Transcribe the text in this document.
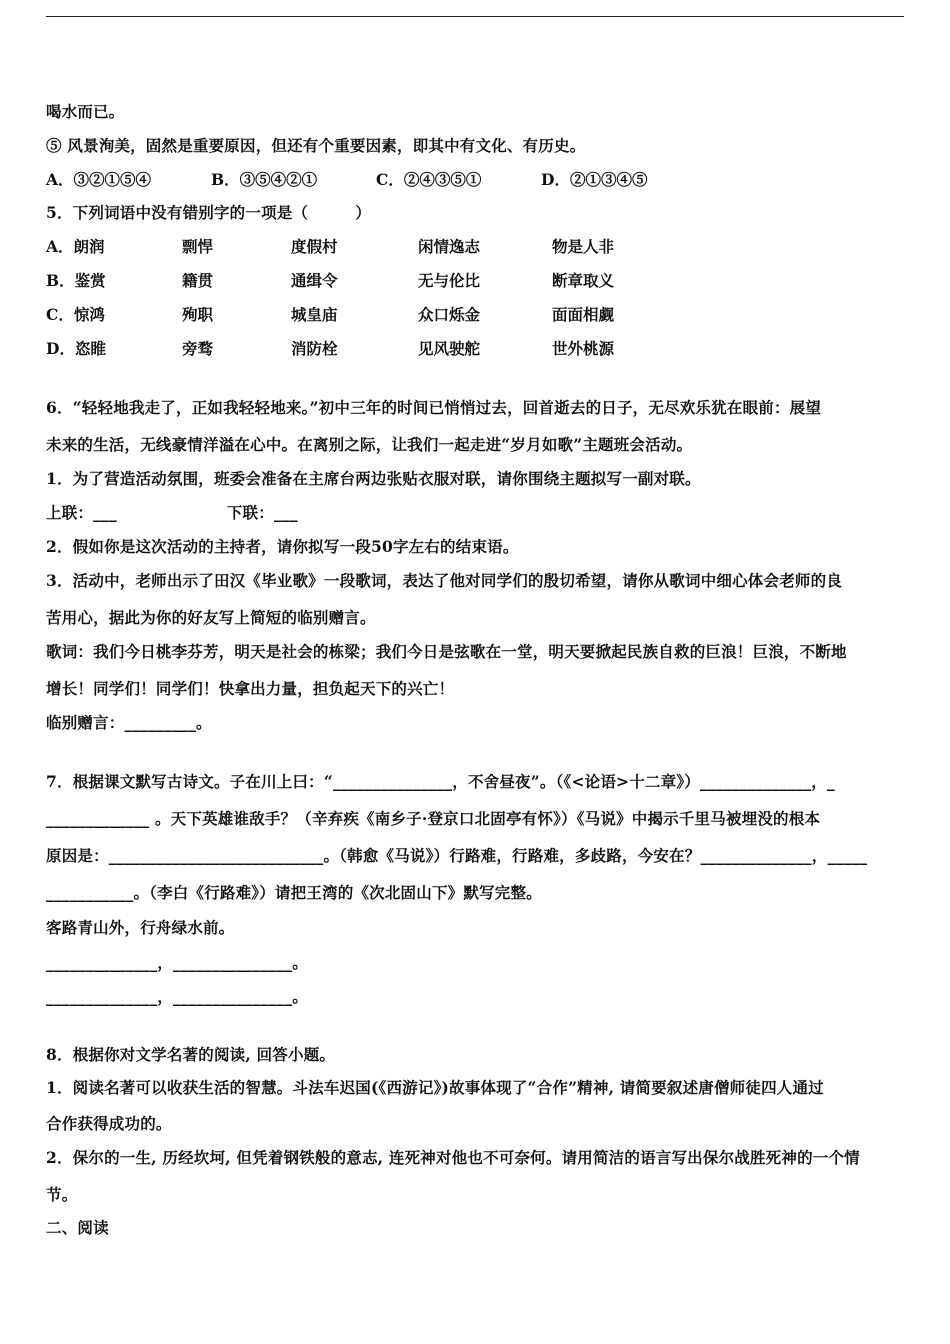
喝水而已。
⑤ 风景洵美，固然是重要原因，但还有个重要因素，即其中有文化、有历史。
A．③②①⑤④	B．③⑤④②①	C．②④③⑤①	D．②①③④⑤
5．下列词语中没有错别字的一项是（　　　）
A．朗润	剽悍	度假村	闲情逸志	物是人非
B．鉴赏	籍贯	通缉令	无与伦比	断章取义
C．惊鸿	殉职	城皇庙	众口烁金	面面相觑
D．恣睢	旁骛	消防栓	见风驶舵	世外桃源
6．“轻轻地我走了，正如我轻轻地来。”初中三年的时间已悄悄过去，回首逝去的日子，无尽欢乐犹在眼前：展望
未来的生活，无线豪情洋溢在心中。在离别之际，让我们一起走进“岁月如歌”主题班会活动。
1．为了营造活动氛围，班委会准备在主席台两边张贴衣服对联，请你围绕主题拟写一副对联。
上联：___　　　　　　　下联：___
2．假如你是这次活动的主持者，请你拟写一段50字左右的结束语。
3．活动中，老师出示了田汉《毕业歌》一段歌词，表达了他对同学们的殷切希望，请你从歌词中细心体会老师的良
苦用心，据此为你的好友写上简短的临别赠言。
歌词：我们今日桃李芬芳，明天是社会的栋梁；我们今日是弦歌在一堂，明天要掀起民族自救的巨浪！巨浪，不断地
增长！同学们！同学们！快拿出力量，担负起天下的兴亡！
临别赠言：_________。
7．根据课文默写古诗文。子在川上曰：“_______________，不舍昼夜”。（《<论语>十二章》）______________，_
_____________ 。天下英雄谁敌手？（辛弃疾《南乡子·登京口北固亭有怀》）《马说》中揭示千里马被埋没的根本
原因是：___________________________。（韩愈《马说》）行路难，行路难，多歧路，今安在？______________，_____
___________。（李白《行路难》）请把王湾的《次北固山下》默写完整。
客路青山外，行舟绿水前。
______________，_______________。
______________，_______________。
8．根据你对文学名著的阅读, 回答小题。
1．阅读名著可以收获生活的智慧。斗法车迟国(《西游记》)故事体现了“合作”精神, 请简要叙述唐僧师徒四人通过
合作获得成功的。
2．保尔的一生, 历经坎坷, 但凭着钢铁般的意志, 连死神对他也不可奈何。请用简洁的语言写出保尔战胜死神的一个情
节。
二、阅读
